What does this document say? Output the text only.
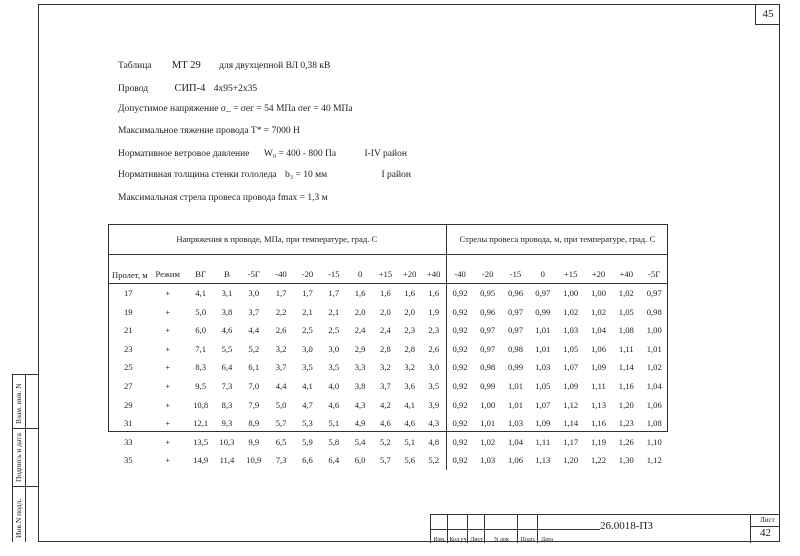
45
Таблица МТ 29 для двухцепной ВЛ 0,38 кВ
Провод	СИП-4 4х95+2х35
Допустимое напряжение σ_ = σег = 54 МПа σег = 40 МПа
Максимальное тяжение провода Т* = 7000 Н
Нормативное ветровое давление W₀ = 400 - 800 Па	I-IV район
Нормативная толщина стенки гололеда b₃ = 10 мм	I район
Максимальная стрела провеса провода fmax = 1,3 м
Напряжения в проводе, МПа, при температуре, град. С												Стрелы провеса провода, м, при температуре, град. С							
Пролет, м	Режим	ВГ	В	-5Г	-40	-20	-15	0	+15	+20	+40	-40	-20	-15	0	+15	+20	+40	-5Г
17	+	4,1	3,1	3,0	1,7	1,7	1,7	1,6	1,6	1,6	1,6	0,92	0,95	0,96	0,97	1,00	1,00	1,02	0,97
19	+	5,0	3,8	3,7	2,2	2,1	2,1	2,0	2,0	2,0	1,9	0,92	0,96	0,97	0,99	1,02	1,02	1,05	0,98
21	+	6,0	4,6	4,4	2,6	2,5	2,5	2,4	2,4	2,3	2,3	0,92	0,97	0,97	1,01	1,03	1,04	1,08	1,00
23	+	7,1	5,5	5,2	3,2	3,0	3,0	2,9	2,8	2,8	2,6	0,92	0,97	0,98	1,01	1,05	1,06	1,11	1,01
25	+	8,3	6,4	6,1	3,7	3,5	3,5	3,3	3,2	3,2	3,0	0,92	0,98	0,99	1,03	1,07	1,09	1,14	1,02
27	+	9,5	7,3	7,0	4,4	4,1	4,0	3,8	3,7	3,6	3,5	0,92	0,99	1,01	1,05	1,09	1,11	1,16	1,04
29	+	10,8	8,3	7,9	5,0	4,7	4,6	4,3	4,2	4,1	3,9	0,92	1,00	1,01	1,07	1,12	1,13	1,20	1,06
31	+	12,1	9,3	8,9	5,7	5,3	5,1	4,9	4,6	4,6	4,3	0,92	1,01	1,03	1,09	1,14	1,16	1,23	1,08
33	+	13,5	10,3	9,9	6,5	5,9	5,8	5,4	5,2	5,1	4,8	0,92	1,02	1,04	1,11	1,17	1,19	1,26	1,10
35	+	14,9	11,4	10,9	7,3	6,6	6,4	6,0	5,7	5,6	5,2	0,92	1,03	1,06	1,13	1,20	1,22	1,30	1,12
Взам. инв. N
Подпись и дата
Инв.N подл.
Изм. Кол.уч Лист	N док	Подп. Дата
26.0018-ПЗ	Лист
42
